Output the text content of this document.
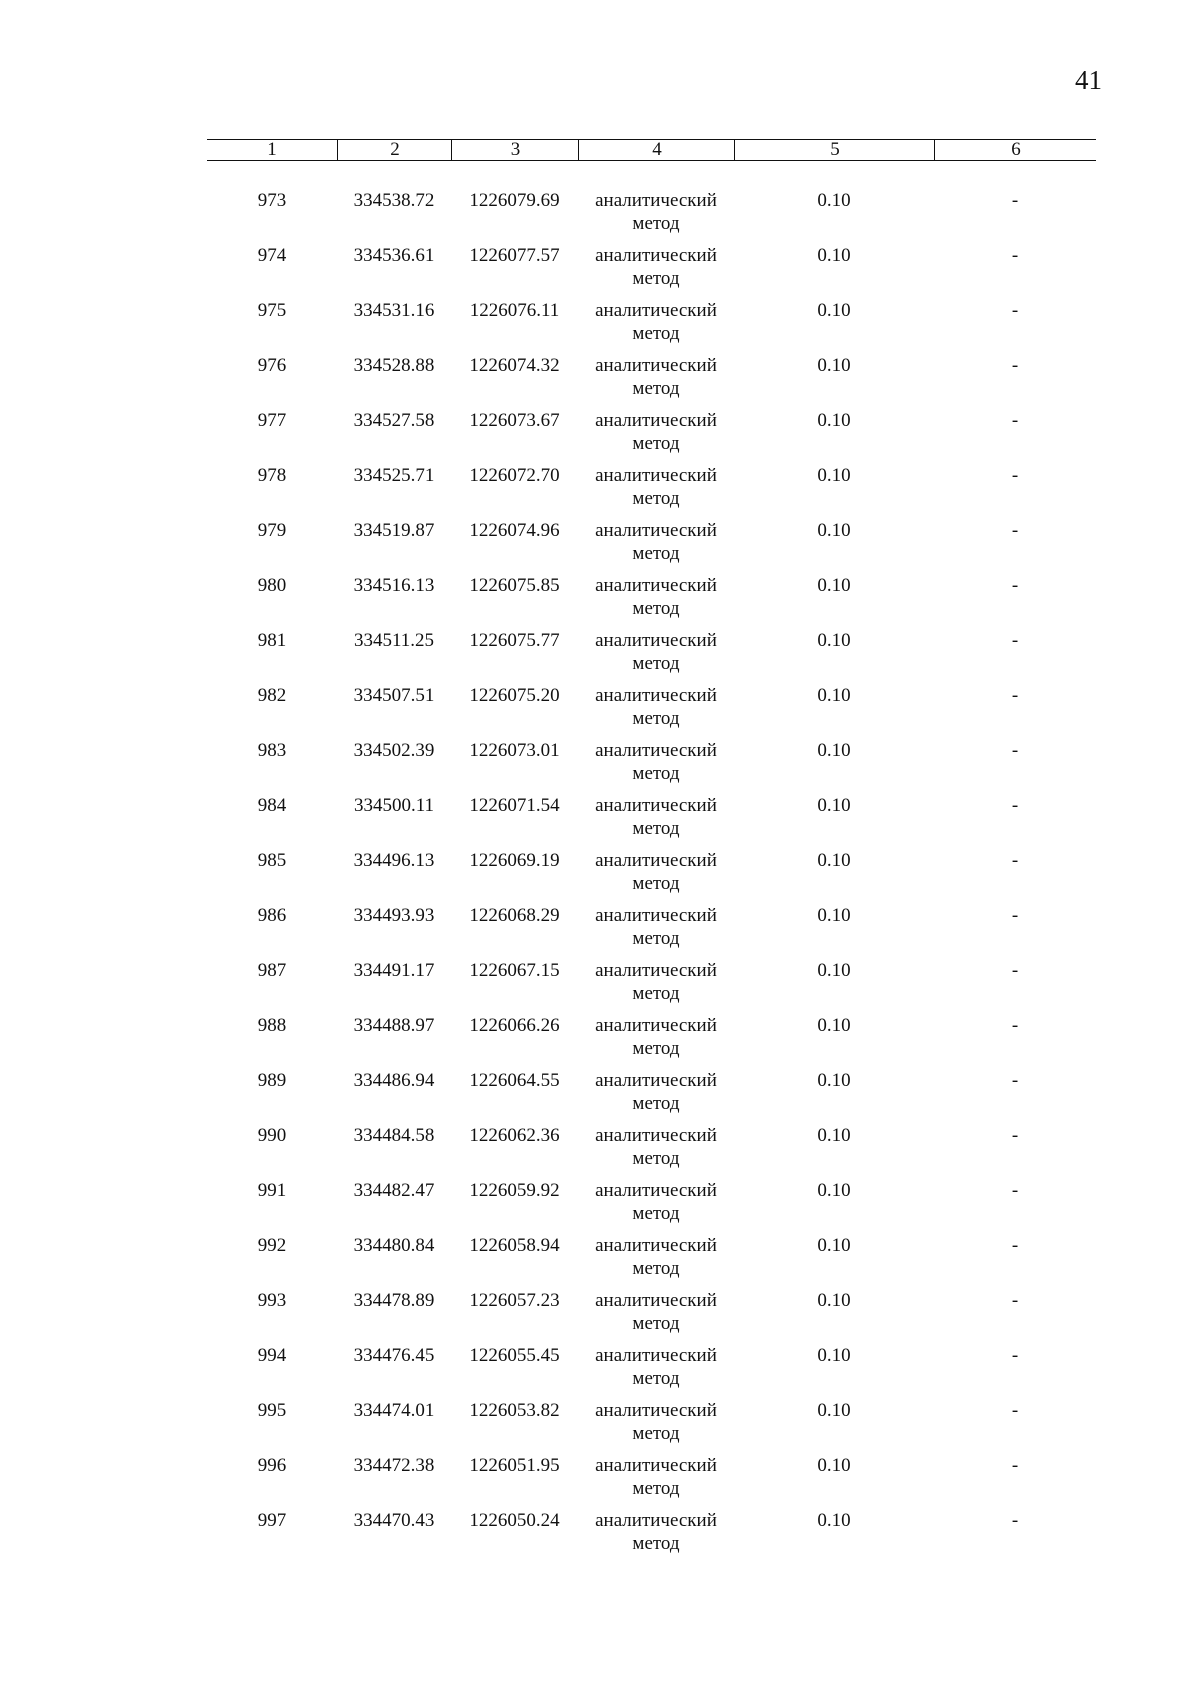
41
1	2	3	4	5	6
973	334538.72	1226079.69	аналитический
метод
0.10	-
974	334536.61	1226077.57	аналитический
метод
0.10	-
975	334531.16	1226076.11	аналитический
метод
0.10	-
976	334528.88	1226074.32	аналитический
метод
0.10	-
977	334527.58	1226073.67	аналитический
метод
0.10	-
978	334525.71	1226072.70	аналитический
метод
0.10	-
979	334519.87	1226074.96	аналитический
метод
0.10	-
980	334516.13	1226075.85	аналитический
метод
0.10	-
981	334511.25	1226075.77	аналитический
метод
0.10	-
982	334507.51	1226075.20	аналитический
метод
0.10	-
983	334502.39	1226073.01	аналитический
метод
0.10	-
984	334500.11	1226071.54	аналитический
метод
0.10	-
985	334496.13	1226069.19	аналитический
метод
0.10	-
986	334493.93	1226068.29	аналитический
метод
0.10	-
987	334491.17	1226067.15	аналитический
метод
0.10	-
988	334488.97	1226066.26	аналитический
метод
0.10	-
989	334486.94	1226064.55	аналитический
метод
0.10	-
990	334484.58	1226062.36	аналитический
метод
0.10	-
991	334482.47	1226059.92	аналитический
метод
0.10	-
992	334480.84	1226058.94	аналитический
метод
0.10	-
993	334478.89	1226057.23	аналитический
метод
0.10	-
994	334476.45	1226055.45	аналитический
метод
0.10	-
995	334474.01	1226053.82	аналитический
метод
0.10	-
996	334472.38	1226051.95	аналитический
метод
0.10	-
997	334470.43	1226050.24	аналитический
метод
0.10	-
